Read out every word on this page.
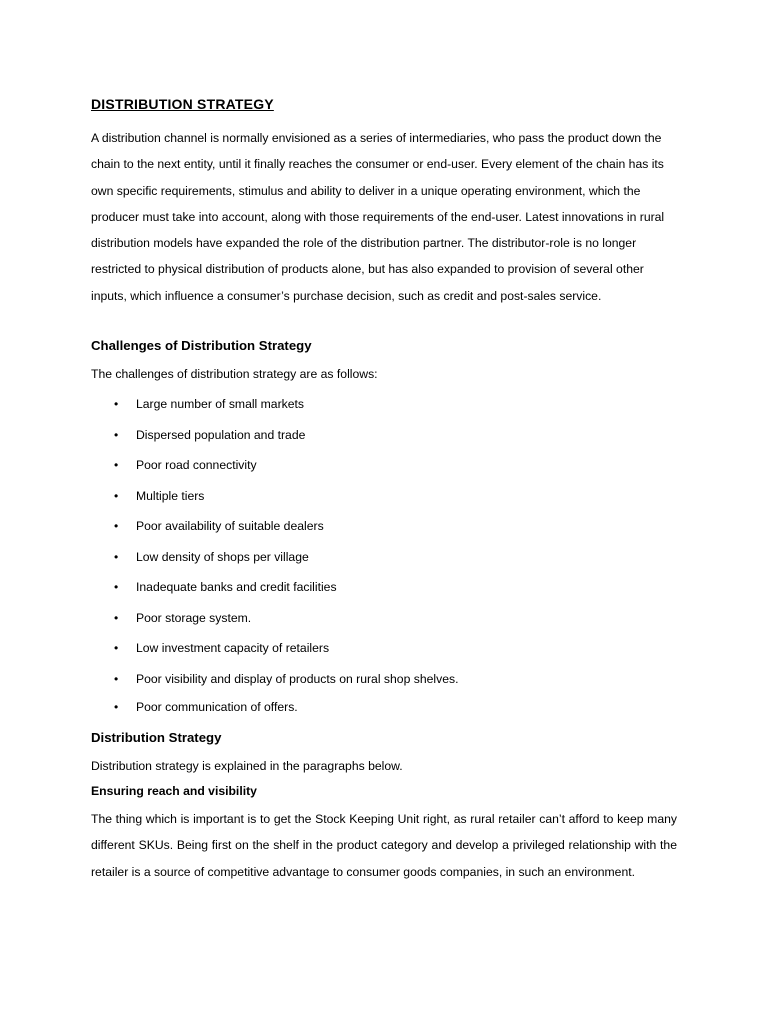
DISTRIBUTION STRATEGY

A distribution channel is normally envisioned as a series of intermediaries, who pass the product down the chain to the next entity, until it finally reaches the consumer or end-user. Every element of the chain has its own specific requirements, stimulus and ability to deliver in a unique operating environment, which the producer must take into account, along with those requirements of the end-user. Latest innovations in rural distribution models have expanded the role of the distribution partner. The distributor-role is no longer restricted to physical distribution of products alone, but has also expanded to provision of several other inputs, which influence a consumer’s purchase decision, such as credit and post-sales service.

Challenges of Distribution Strategy

The challenges of distribution strategy are as follows:

• Large number of small markets
• Dispersed population and trade
• Poor road connectivity
• Multiple tiers
• Poor availability of suitable dealers
• Low density of shops per village
• Inadequate banks and credit facilities
• Poor storage system.
• Low investment capacity of retailers
• Poor visibility and display of products on rural shop shelves.
• Poor communication of offers.
Distribution Strategy

Distribution strategy is explained in the paragraphs below.

Ensuring reach and visibility

The thing which is important is to get the Stock Keeping Unit right, as rural retailer can’t afford to keep many different SKUs. Being first on the shelf in the product category and develop a privileged relationship with the retailer is a source of competitive advantage to consumer goods companies, in such an environment.
